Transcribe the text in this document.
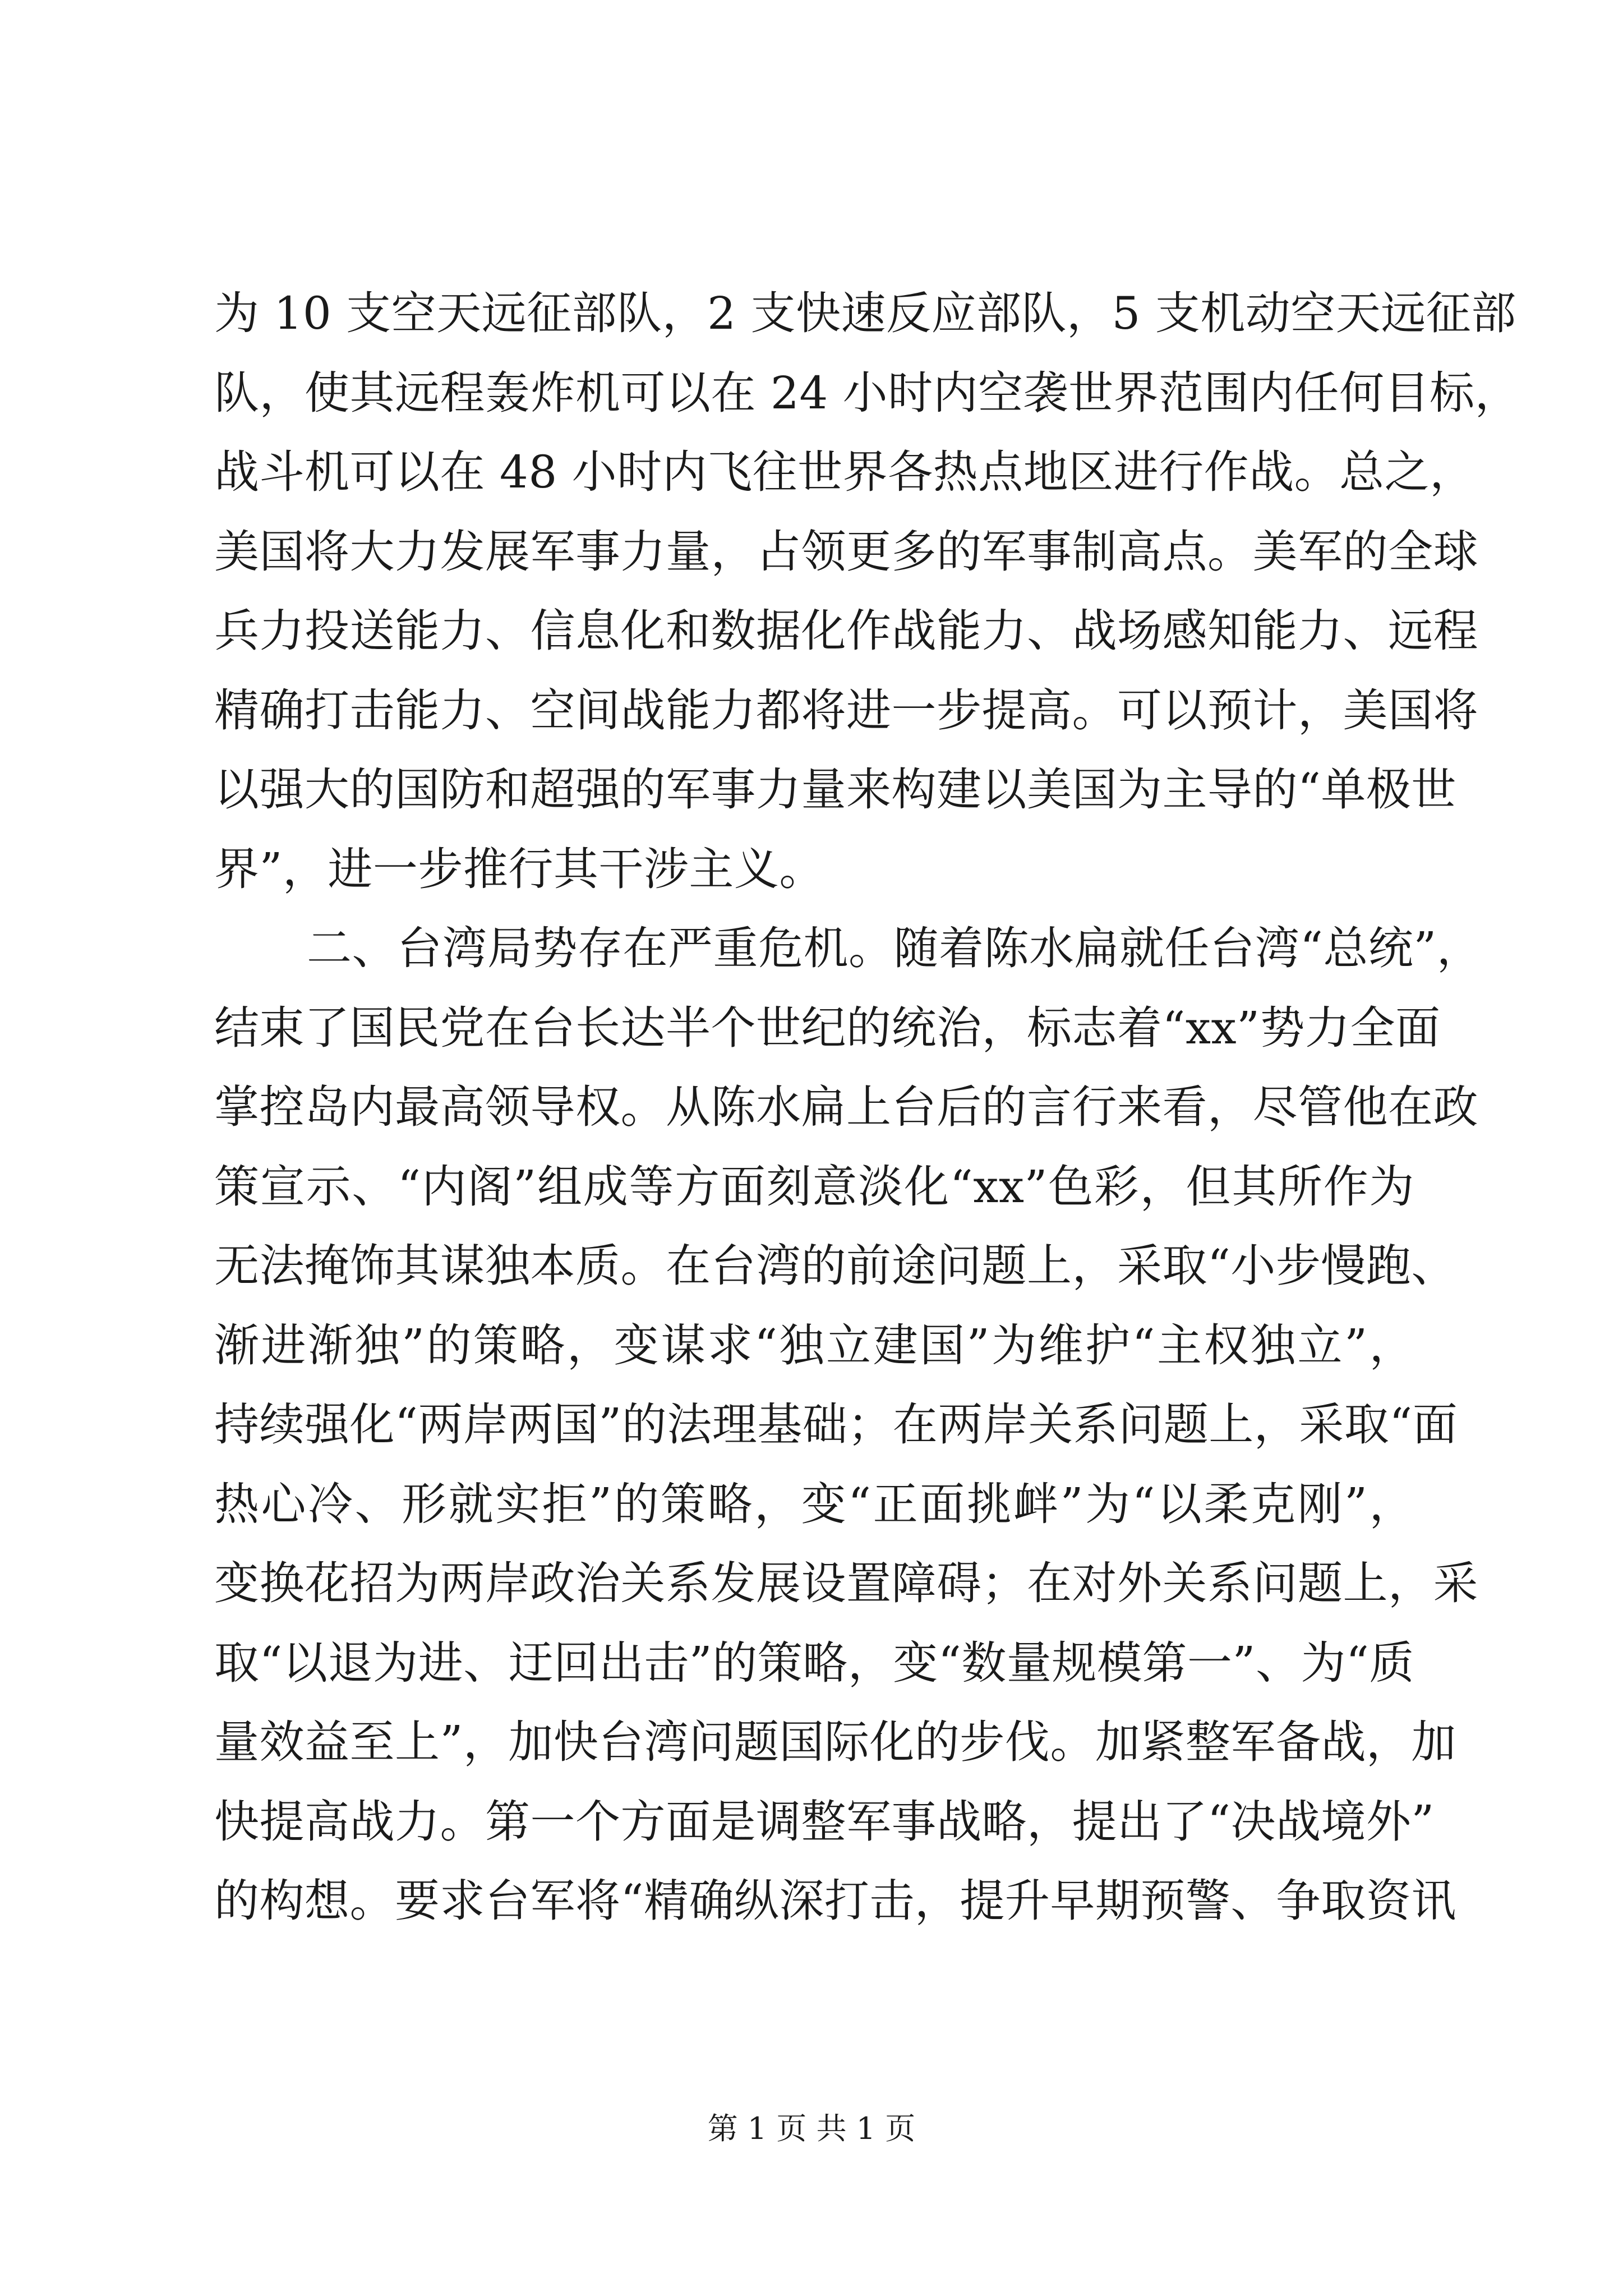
为 10 支空天远征部队，2 支快速反应部队，5 支机动空天远征部
队，使其远程轰炸机可以在 24 小时内空袭世界范围内任何目标，
战斗机可以在 48 小时内飞往世界各热点地区进行作战。总之，
美国将大力发展军事力量，占领更多的军事制高点。美军的全球
兵力投送能力、信息化和数据化作战能力、战场感知能力、远程
精确打击能力、空间战能力都将进一步提高。可以预计，美国将
以强大的国防和超强的军事力量来构建以美国为主导的“单极世
界”，进一步推行其干涉主义。
二、台湾局势存在严重危机。随着陈水扁就任台湾“总统”，
结束了国民党在台长达半个世纪的统治，标志着“xx”势力全面
掌控岛内最高领导权。从陈水扁上台后的言行来看，尽管他在政
策宣示、“内阁”组成等方面刻意淡化“xx”色彩，但其所作为
无法掩饰其谋独本质。在台湾的前途问题上，采取“小步慢跑、
渐进渐独”的策略，变谋求“独立建国”为维护“主权独立”，
持续强化“两岸两国”的法理基础；在两岸关系问题上，采取“面
热心冷、形就实拒”的策略，变“正面挑衅”为“以柔克刚”，
变换花招为两岸政治关系发展设置障碍；在对外关系问题上，采
取“以退为进、迂回出击”的策略，变“数量规模第一”、为“质
量效益至上”，加快台湾问题国际化的步伐。加紧整军备战，加
快提高战力。第一个方面是调整军事战略，提出了“决战境外”
的构想。要求台军将“精确纵深打击，提升早期预警、争取资讯
第 1 页 共 1 页
